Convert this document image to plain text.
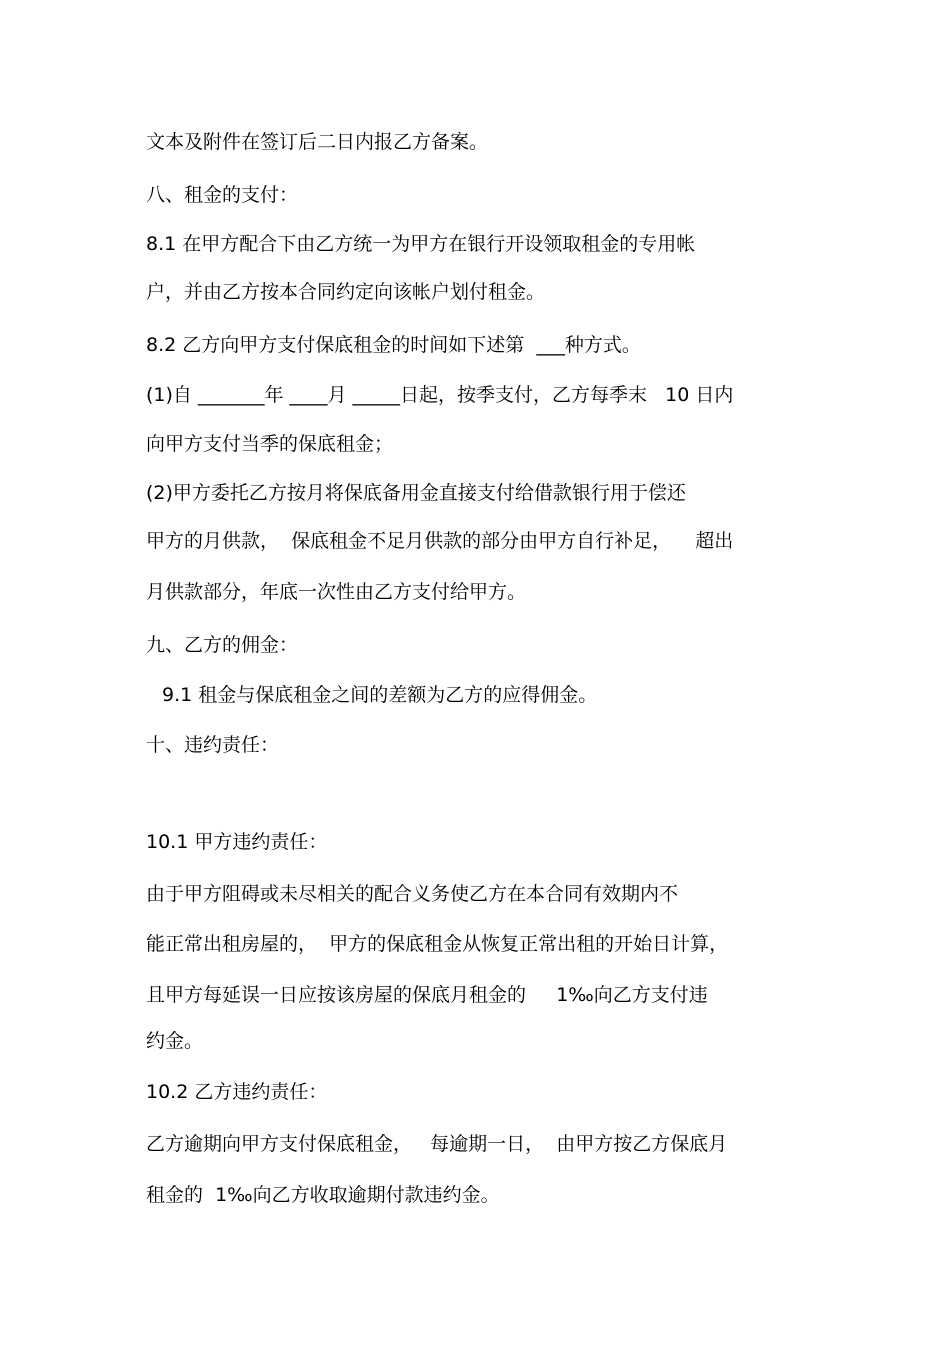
文本及附件在签订后二日内报乙方备案。
八、租金的支付：
8.1 在甲方配合下由乙方统一为甲方在银行开设领取租金的专用帐
户，并由乙方按本合同约定向该帐户划付租金。
8.2 乙方向甲方支付保底租金的时间如下述第  ___种方式。
(1)自 _______年 ____月 _____日起，按季支付，乙方每季末   10 日内
向甲方支付当季的保底租金；
(2)甲方委托乙方按月将保底备用金直接支付给借款银行用于偿还
甲方的月供款，  保底租金不足月供款的部分由甲方自行补足，    超出
月供款部分，年底一次性由乙方支付给甲方。
九、乙方的佣金：
9.1 租金与保底租金之间的差额为乙方的应得佣金。
十、违约责任：
10.1 甲方违约责任：
由于甲方阻碍或未尽相关的配合义务使乙方在本合同有效期内不
能正常出租房屋的，  甲方的保底租金从恢复正常出租的开始日计算，
且甲方每延误一日应按该房屋的保底月租金的     1‰向乙方支付违
约金。
10.2 乙方违约责任：
乙方逾期向甲方支付保底租金，   每逾期一日，  由甲方按乙方保底月
租金的  1‰向乙方收取逾期付款违约金。
